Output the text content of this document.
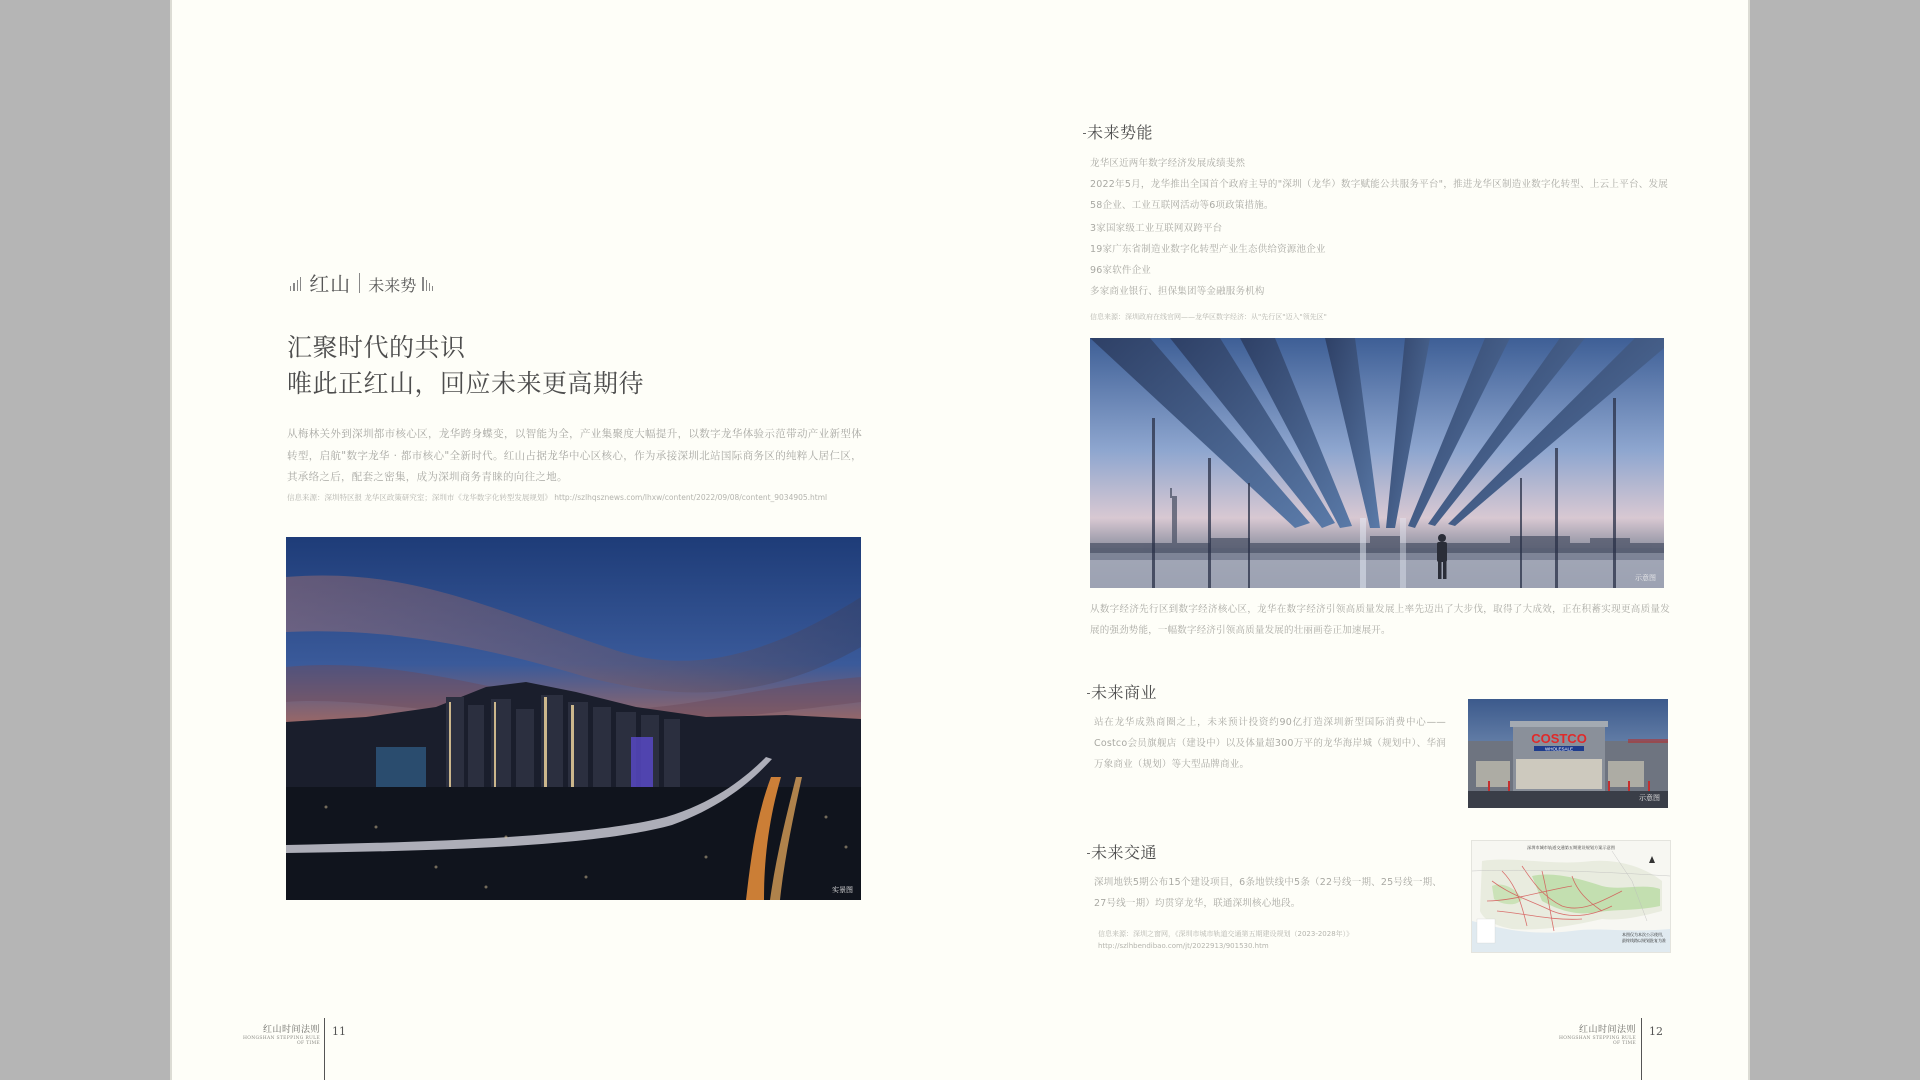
红山 未来势
汇聚时代的共识
唯此正红山，回应未来更高期待
从梅林关外到深圳都市核心区，龙华跨身蝶变，以智能为全，产业集聚度大幅提升，以数字龙华体验示范带动产业新型体转型，启航"数字龙华 · 都市核心"全新时代。红山占据龙华中心区核心，作为承接深圳北站国际商务区的纯粹人居仁区，其承络之后，配套之密集，成为深圳商务青睐的向往之地。
信息来源：深圳特区报 龙华区政策研究室；深圳市《龙华数字化转型发展规划》 http://szlhqsznews.com/lhxw/content/2022/09/08/content_9034905.html
实景图
红山时间法则
HONGSHAN STEPPING RULE OF TIME
11
未来势能
龙华区近两年数字经济发展成绩斐然
2022年5月，龙华推出全国首个政府主导的"深圳（龙华）数字赋能公共服务平台"，推进龙华区制造业数字化转型、上云上平台、发展58企业、工业互联网活动等6项政策措施。
3家国家级工业互联网双跨平台
19家广东省制造业数字化转型产业生态供给资源池企业
96家软件企业
多家商业银行、担保集团等金融服务机构
信息来源：深圳政府在线官网——龙华区数字经济：从"先行区"迈入"领先区"
示意图
从数字经济先行区到数字经济核心区，龙华在数字经济引领高质量发展上率先迈出了大步伐，取得了大成效，正在积蓄实现更高质量发展的强劲势能，一幅数字经济引领高质量发展的壮丽画卷正加速展开。
未来商业
站在龙华成熟商圈之上，未来预计投资约90亿打造深圳新型国际消费中心——Costco会员旗舰店（建设中）以及体量超300万平的龙华海岸城（规划中）、华润万象商业（规划）等大型品牌商业。
COSTCO
WHOLESALE
示意图
未来交通
深圳地铁5期公布15个建设项目，6条地铁线中5条（22号线一期、25号线一期、27号线一期）均贯穿龙华，联通深圳核心地段。
信息来源：深圳之窗网，《深圳市城市轨道交通第五期建设规划（2023-2028年）》
http://szlhbendibao.com/jt/2022913/901530.htm
深圳市城市轨道交通第五期建设规划方案示意图
本图仅为本次公示使用，
最终线路以规划批复为准
红山时间法则
HONGSHAN STEPPING RULE OF TIME
12
